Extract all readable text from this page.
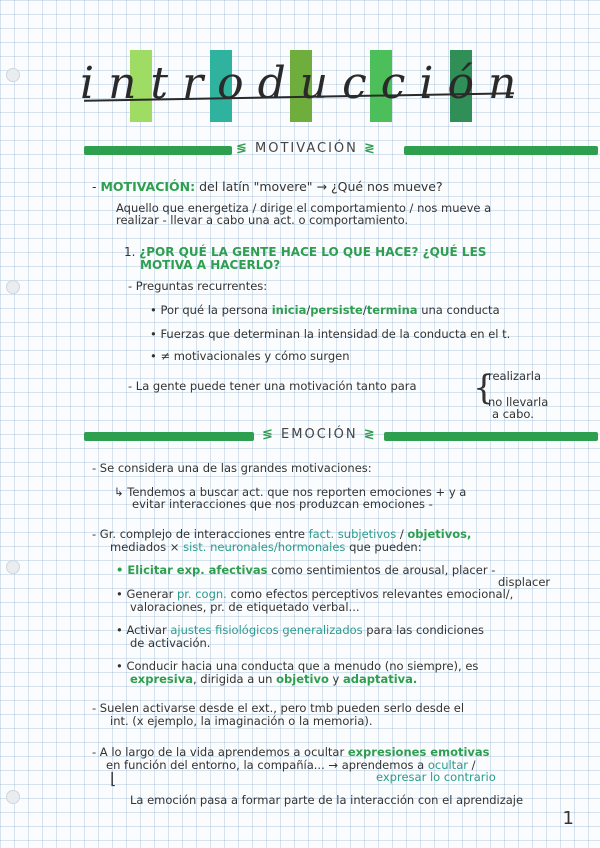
introducción
≶ MOTIVACIÓN ≷
- MOTIVACIÓN: del latín "movere" → ¿Qué nos mueve?
Aquello que energetiza / dirige el comportamiento / nos mueve a
realizar - llevar a cabo una act. o comportamiento.
1. ¿POR QUÉ LA GENTE HACE LO QUE HACE? ¿QUÉ LES
MOTIVA A HACERLO?
- Preguntas recurrentes:
• Por qué la persona inicia/persiste/termina una conducta
• Fuerzas que determinan la intensidad de la conducta en el t.
• ≠ motivacionales y cómo surgen
- La gente puede tener una motivación tanto para {
realizarla
no llevarla
a cabo.
≶ EMOCIÓN ≷
- Se considera una de las grandes motivaciones:
↳ Tendemos a buscar act. que nos reporten emociones + y a
evitar interacciones que nos produzcan emociones -
- Gr. complejo de interacciones entre fact. subjetivos / objetivos,
mediados × sist. neuronales/hormonales que pueden:
• Elicitar exp. afectivas como sentimientos de arousal, placer -
displacer
• Generar pr. cogn. como efectos perceptivos relevantes emocional/,
valoraciones, pr. de etiquetado verbal...
• Activar ajustes fisiológicos generalizados para las condiciones
de activación.
• Conducir hacia una conducta que a menudo (no siempre), es
expresiva, dirigida a un objetivo y adaptativa.
- Suelen activarse desde el ext., pero tmb pueden serlo desde el
int. (x ejemplo, la imaginación o la memoria).
- A lo largo de la vida aprendemos a ocultar expresiones emotivas
en función del entorno, la compañía... → aprendemos a ocultar /
expresar lo contrario
⌊
La emoción pasa a formar parte de la interacción con el aprendizaje
1
